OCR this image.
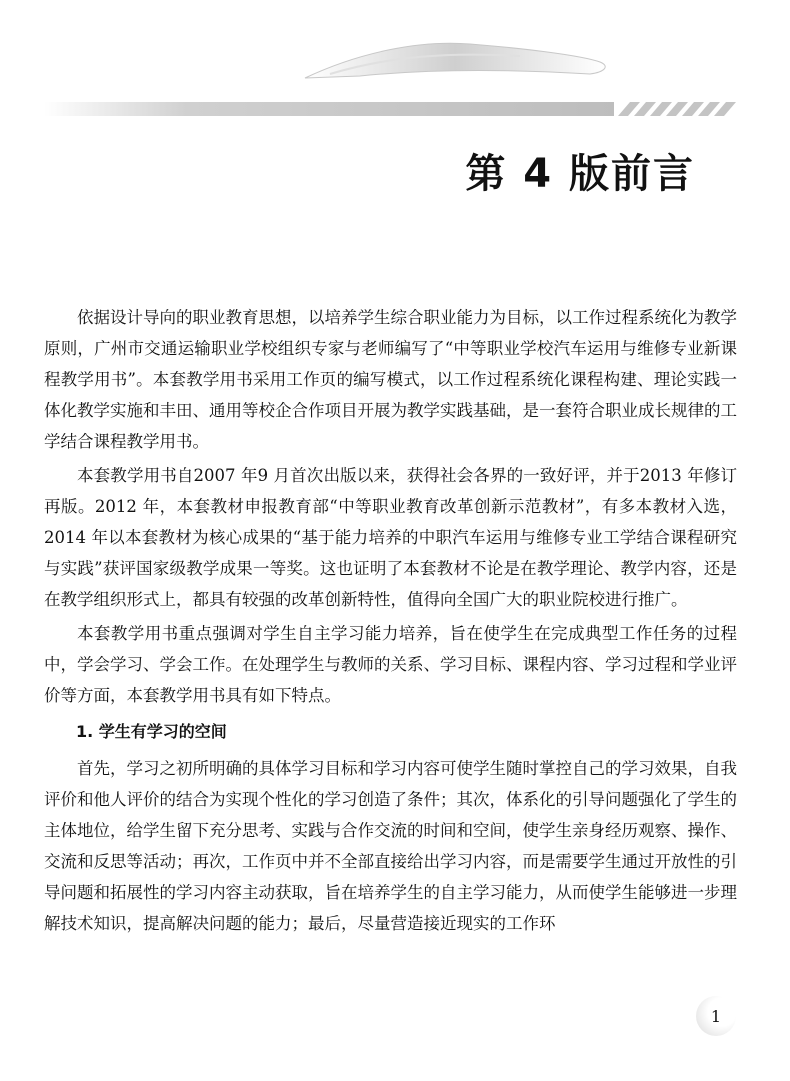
第 4 版前言

依据设计导向的职业教育思想，以培养学生综合职业能力为目标，以工作过程系统化为教学原则，广州市交通运输职业学校组织专家与老师编写了“中等职业学校汽车运用与维修专业新课程教学用书”。本套教学用书采用工作页的编写模式，以工作过程系统化课程构建、理论实践一体化教学实施和丰田、通用等校企合作项目开展为教学实践基础，是一套符合职业成长规律的工学结合课程教学用书。

本套教学用书自2007 年9 月首次出版以来，获得社会各界的一致好评，并于2013 年修订再版。2012 年，本套教材申报教育部“中等职业教育改革创新示范教材”，有多本教材入选，2014 年以本套教材为核心成果的“基于能力培养的中职汽车运用与维修专业工学结合课程研究与实践”获评国家级教学成果一等奖。这也证明了本套教材不论是在教学理论、教学内容，还是在教学组织形式上，都具有较强的改革创新特性，值得向全国广大的职业院校进行推广。

本套教学用书重点强调对学生自主学习能力培养，旨在使学生在完成典型工作任务的过程中，学会学习、学会工作。在处理学生与教师的关系、学习目标、课程内容、学习过程和学业评价等方面，本套教学用书具有如下特点。

1. 学生有学习的空间

首先，学习之初所明确的具体学习目标和学习内容可使学生随时掌控自己的学习效果，自我评价和他人评价的结合为实现个性化的学习创造了条件；其次，体系化的引导问题强化了学生的主体地位，给学生留下充分思考、实践与合作交流的时间和空间，使学生亲身经历观察、操作、交流和反思等活动；再次，工作页中并不全部直接给出学习内容，而是需要学生通过开放性的引导问题和拓展性的学习内容主动获取，旨在培养学生的自主学习能力，从而使学生能够进一步理解技术知识，提高解决问题的能力；最后，尽量营造接近现实的工作环

1
